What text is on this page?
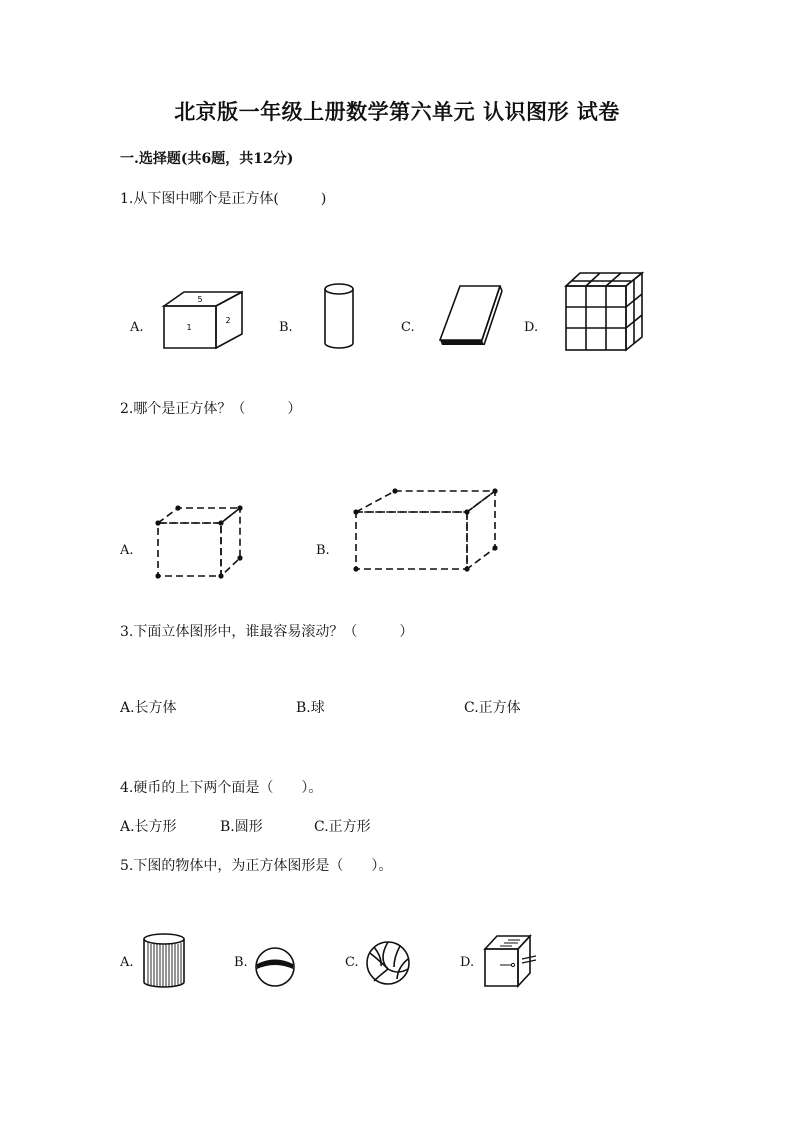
北京版一年级上册数学第六单元 认识图形 试卷
一.选择题(共6题，共12分)
1.从下图中哪个是正方体(　　　)
A.
5
1
2	B.	C.	D.
2.哪个是正方体？（　　　）
A.	B.
3.下面立体图形中，谁最容易滚动？（　　　）
A.长方体	B.球	C.正方体
4.硬币的上下两个面是（　　）。
A.长方形	B.圆形	C.正方形
5.下图的物体中，为正方体图形是（　　）。
A.	B.	C.	D.
